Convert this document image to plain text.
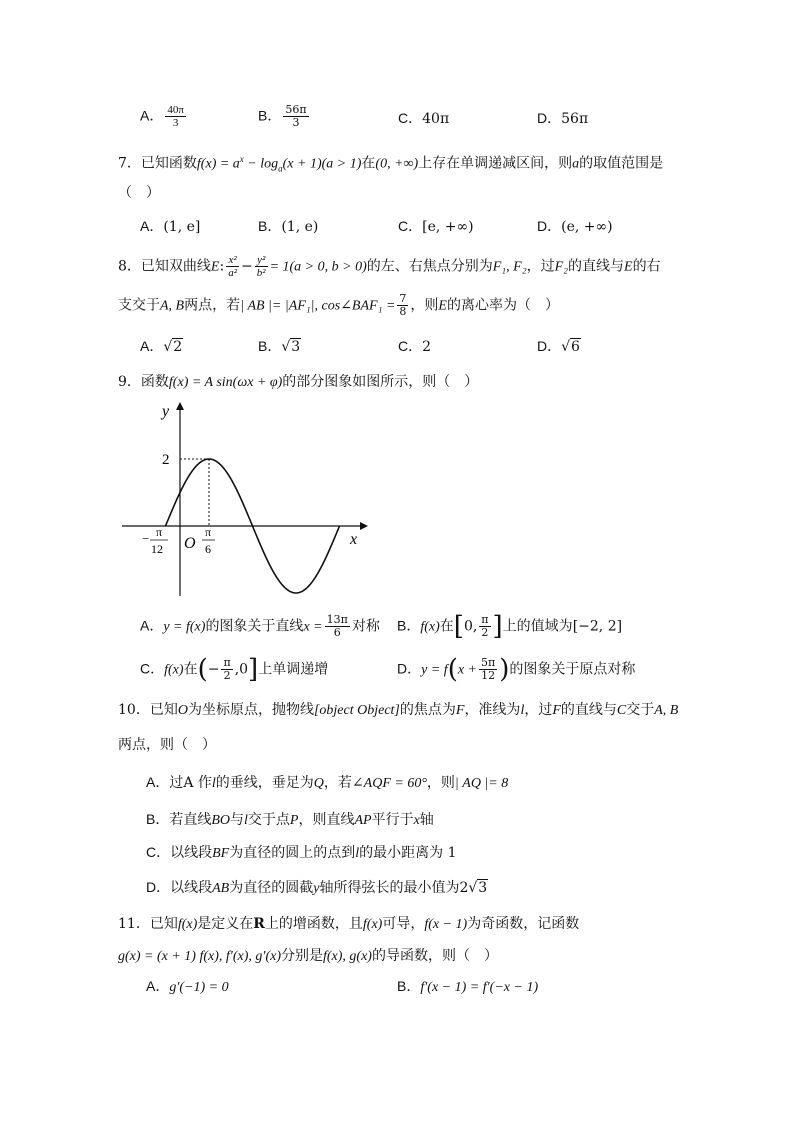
A． $\frac{40\pi}{3}$	B． $\frac{56\pi}{3}$	C．40π	D．56π
7．已知函数$f(x) = a^x - \log_a(x + 1)(a > 1)$在(0, +∞)上存在单调递减区间，则a的取值范围是
（　）
A．(1, e]	B．(1, e)	C．[e, +∞)	D．(e, +∞)
8．已知双曲线E: $\frac{\text{x²}}{\text{a²}} - \frac{\text{y²}}{\text{b²}} = 1(a > 0$, b > 0)的左、右焦点分别为F₁, F₂，过F₂的直线与E的右
支交于A, B两点，若| AB |= |AF₁|, cos∠BAF₁ = $\frac{7}{8}$ ，则E的离心率为（　）
A．√2	B．√3	C．2	D．√6
9．函数f(x) = A sin(ωx + φ)的部分图象如图所示，则（　）
y
x
O
2
− π
12
π
6
A．y = f(x)的图象关于直线$x = \frac{13\pi}{6}$ 对称 B．f(x)在[0, $\frac{\pi}{2}$ ]上的值域为[−2, 2]
C．f(x)在(− $\frac{\pi}{2} ,0$]上单调递增	D．$y = f(x + \frac{5\pi}{12}$ )的图象关于原点对称
10．已知O为坐标原点，抛物线[object Object]的焦点为F，准线为l，过F的直线与C交于A, B
两点，则（　）
A．过A 作l的垂线，垂足为Q，若∠AQF = 60°，则| AQ |= 8
B．若直线BO与l交于点P，则直线AP平行于x轴
C．以线段BF为直径的圆上的点到l的最小距离为 1
D．以线段AB为直径的圆截y轴所得弦长的最小值为2√3
11．已知f(x)是定义在R上的增函数，且f(x)可导，f(x − 1)为奇函数，记函数
g(x) = (x + 1) f(x), f′(x), g′(x)分别是f(x), g(x)的导函数，则（　）
A．g′(−1) = 0	B．f′(x − 1) = f′(−x − 1)
